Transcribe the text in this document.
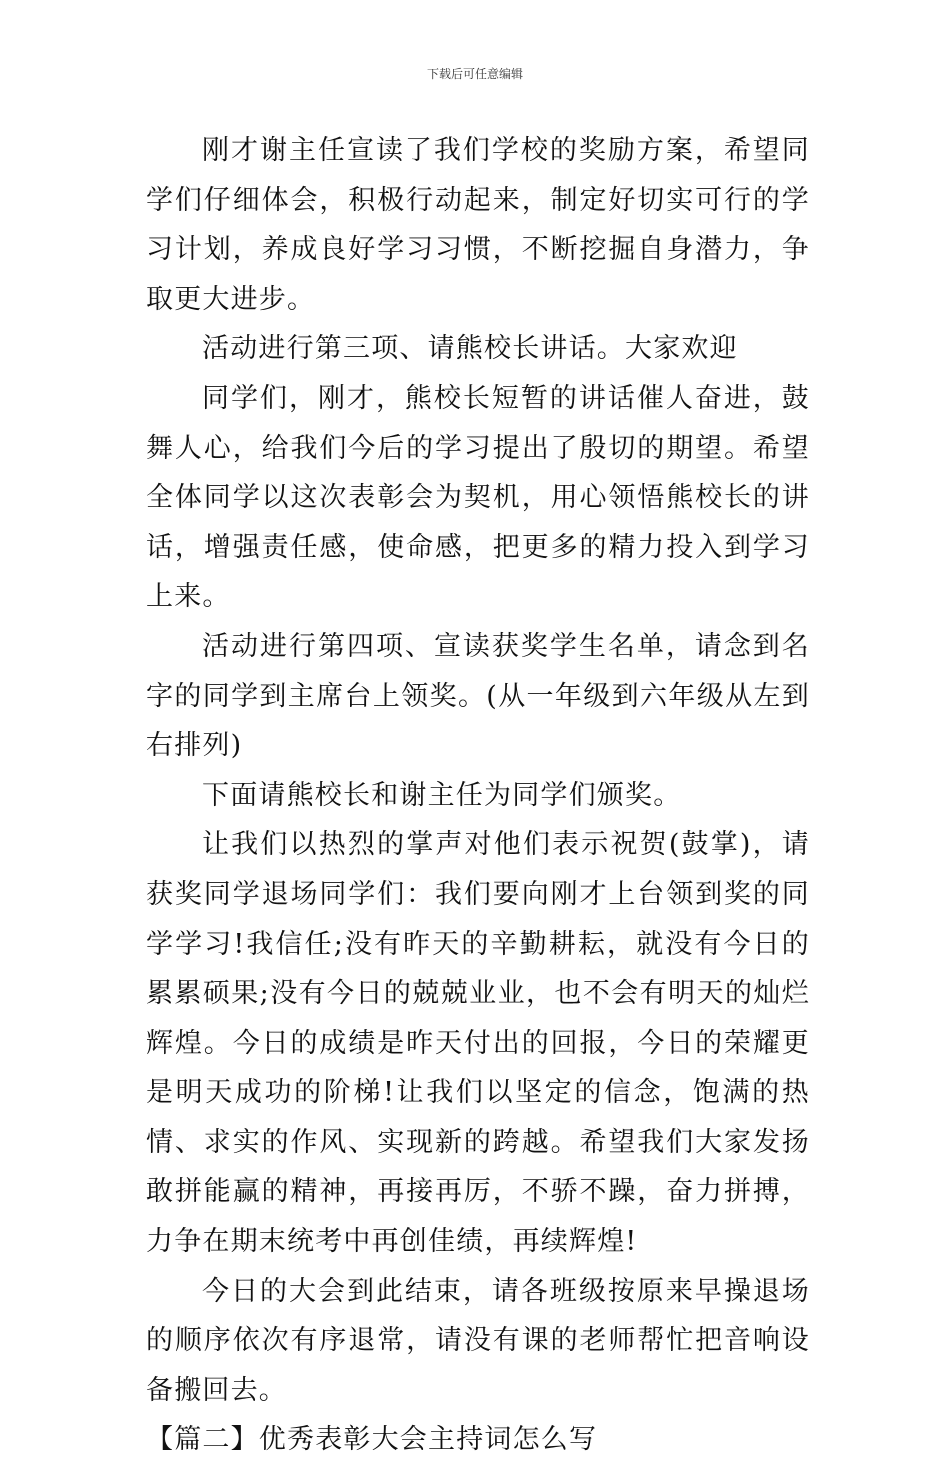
下载后可任意编辑

刚才谢主任宣读了我们学校的奖励方案，希望同学们仔细体会，积极行动起来，制定好切实可行的学习计划，养成良好学习习惯，不断挖掘自身潜力，争取更大进步。

活动进行第三项、请熊校长讲话。大家欢迎

同学们，刚才，熊校长短暂的讲话催人奋进，鼓舞人心，给我们今后的学习提出了殷切的期望。希望全体同学以这次表彰会为契机，用心领悟熊校长的讲话，增强责任感，使命感，把更多的精力投入到学习上来。

活动进行第四项、宣读获奖学生名单，请念到名字的同学到主席台上领奖。(从一年级到六年级从左到右排列)

下面请熊校长和谢主任为同学们颁奖。

让我们以热烈的掌声对他们表示祝贺(鼓掌)，请获奖同学退场同学们：我们要向刚才上台领到奖的同学学习!我信任;没有昨天的辛勤耕耘，就没有今日的累累硕果;没有今日的兢兢业业，也不会有明天的灿烂辉煌。今日的成绩是昨天付出的回报，今日的荣耀更是明天成功的阶梯!让我们以坚定的信念，饱满的热情、求实的作风、实现新的跨越。希望我们大家发扬敢拼能赢的精神，再接再厉，不骄不躁，奋力拼搏，力争在期末统考中再创佳绩，再续辉煌!

今日的大会到此结束，请各班级按原来早操退场的顺序依次有序退常，请没有课的老师帮忙把音响设备搬回去。

【篇二】优秀表彰大会主持词怎么写
